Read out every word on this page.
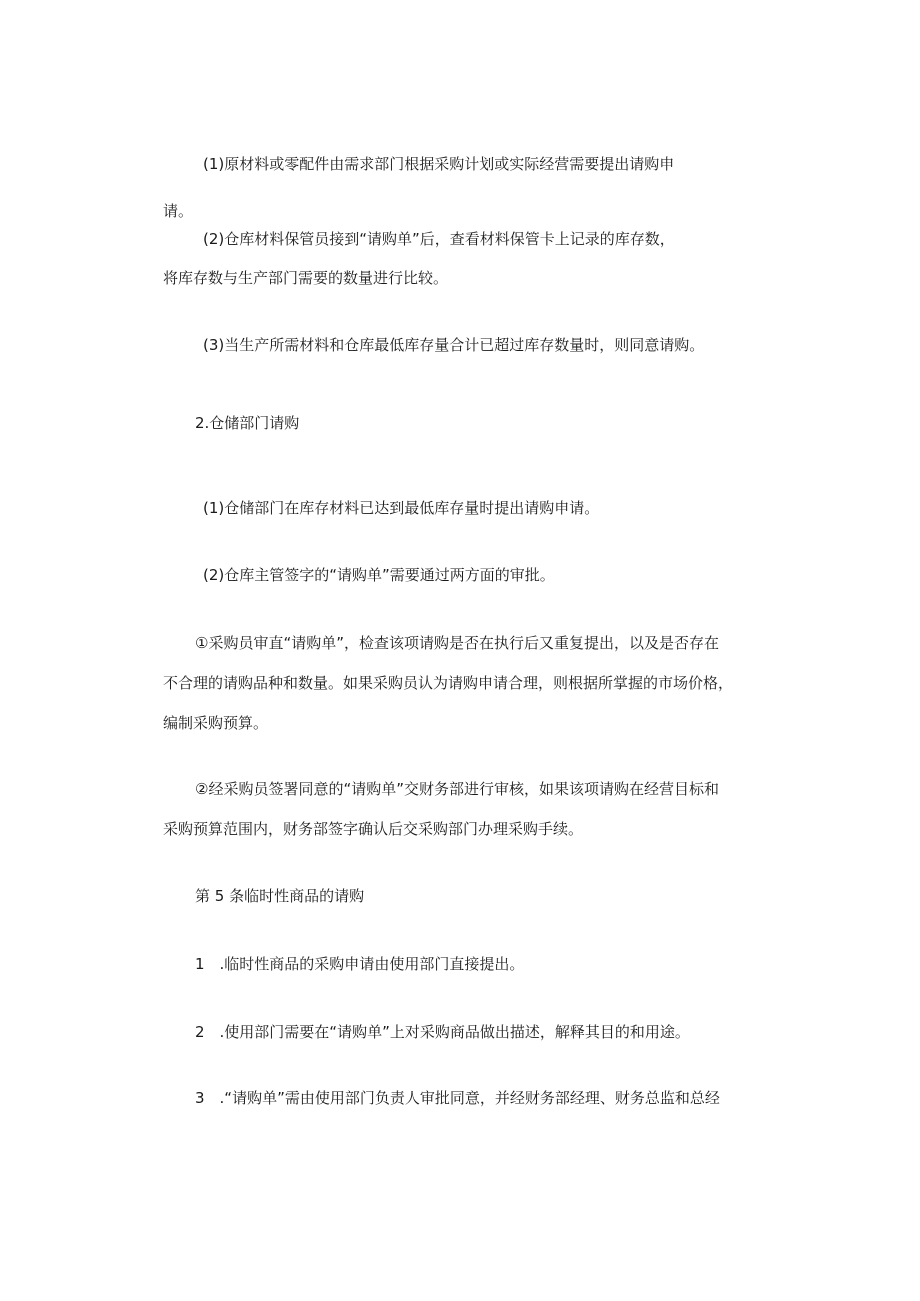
(1)原材料或零配件由需求部门根据采购计划或实际经营需要提出请购申
请。
(2)仓库材料保管员接到“请购单”后，查看材料保管卡上记录的库存数，
将库存数与生产部门需要的数量进行比较。
(3)当生产所需材料和仓库最低库存量合计已超过库存数量时，则同意请购。
2.仓储部门请购
(1)仓储部门在库存材料已达到最低库存量时提出请购申请。
(2)仓库主管签字的“请购单”需要通过两方面的审批。
①采购员审直“请购单”，检查该项请购是否在执行后又重复提出，以及是否存在
不合理的请购品种和数量。如果采购员认为请购申请合理，则根据所掌握的市场价格，
编制采购预算。
②经采购员签署同意的“请购单”交财务部进行审核，如果该项请购在经营目标和
采购预算范围内，财务部签字确认后交采购部门办理采购手续。
第 5 条临时性商品的请购
1　.临时性商品的采购申请由使用部门直接提出。
2　.使用部门需要在“请购单”上对采购商品做出描述，解释其目的和用途。
3　.“请购单”需由使用部门负责人审批同意，并经财务部经理、财务总监和总经
